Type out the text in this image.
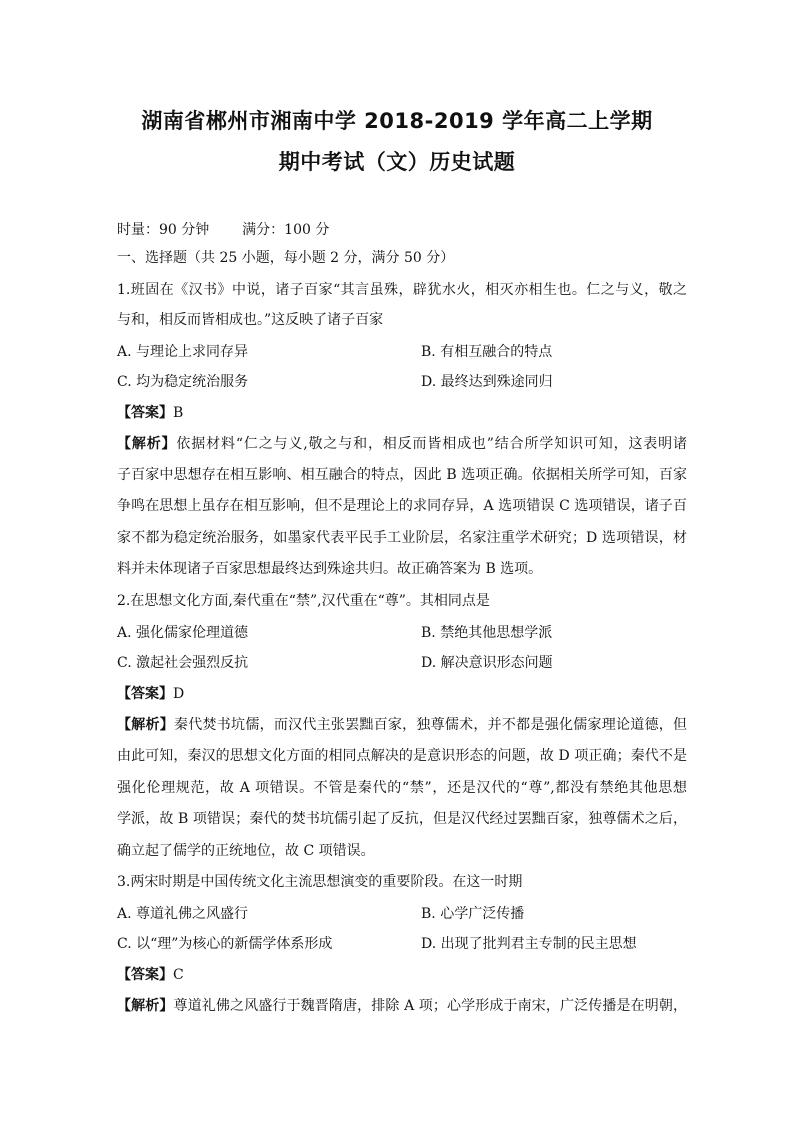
湖南省郴州市湘南中学 2018-2019 学年高二上学期
期中考试（文）历史试题
时量：90 分钟 满分：100 分
一、选择题（共 25 小题，每小题 2 分，满分 50 分）
1.班固在《汉书》中说，诸子百家“其言虽殊，辟犹水火，相灭亦相生也。仁之与义，敬之
与和，相反而皆相成也。”这反映了诸子百家
A. 与理论上求同存异	B. 有相互融合的特点
C. 均为稳定统治服务	D. 最终达到殊途同归
【答案】B
【解析】依据材料“仁之与义,敬之与和，相反而皆相成也”结合所学知识可知，这表明诸
子百家中思想存在相互影响、相互融合的特点，因此 B 选项正确。依据相关所学可知，百家
争鸣在思想上虽存在相互影响，但不是理论上的求同存异，A 选项错误 C 选项错误，诸子百
家不都为稳定统治服务，如墨家代表平民手工业阶层，名家注重学术研究；D 选项错误，材
料并未体现诸子百家思想最终达到殊途共归。故正确答案为 B 选项。
2.在思想文化方面,秦代重在“禁”,汉代重在“尊”。其相同点是
A. 强化儒家伦理道德	B. 禁绝其他思想学派
C. 激起社会强烈反抗	D. 解决意识形态问题
【答案】D
【解析】秦代焚书坑儒，而汉代主张罢黜百家，独尊儒术，并不都是强化儒家理论道德，但
由此可知，秦汉的思想文化方面的相同点解决的是意识形态的问题，故 D 项正确；秦代不是
强化伦理规范，故 A 项错误。不管是秦代的“禁”，还是汉代的“尊”,都没有禁绝其他思想
学派，故 B 项错误；秦代的焚书坑儒引起了反抗，但是汉代经过罢黜百家，独尊儒术之后，
确立起了儒学的正统地位，故 C 项错误。
3.两宋时期是中国传统文化主流思想演变的重要阶段。在这一时期
A. 尊道礼佛之风盛行	B. 心学广泛传播
C. 以“理”为核心的新儒学体系形成	D. 出现了批判君主专制的民主思想
【答案】C
【解析】尊道礼佛之风盛行于魏晋隋唐，排除 A 项；心学形成于南宋，广泛传播是在明朝，
